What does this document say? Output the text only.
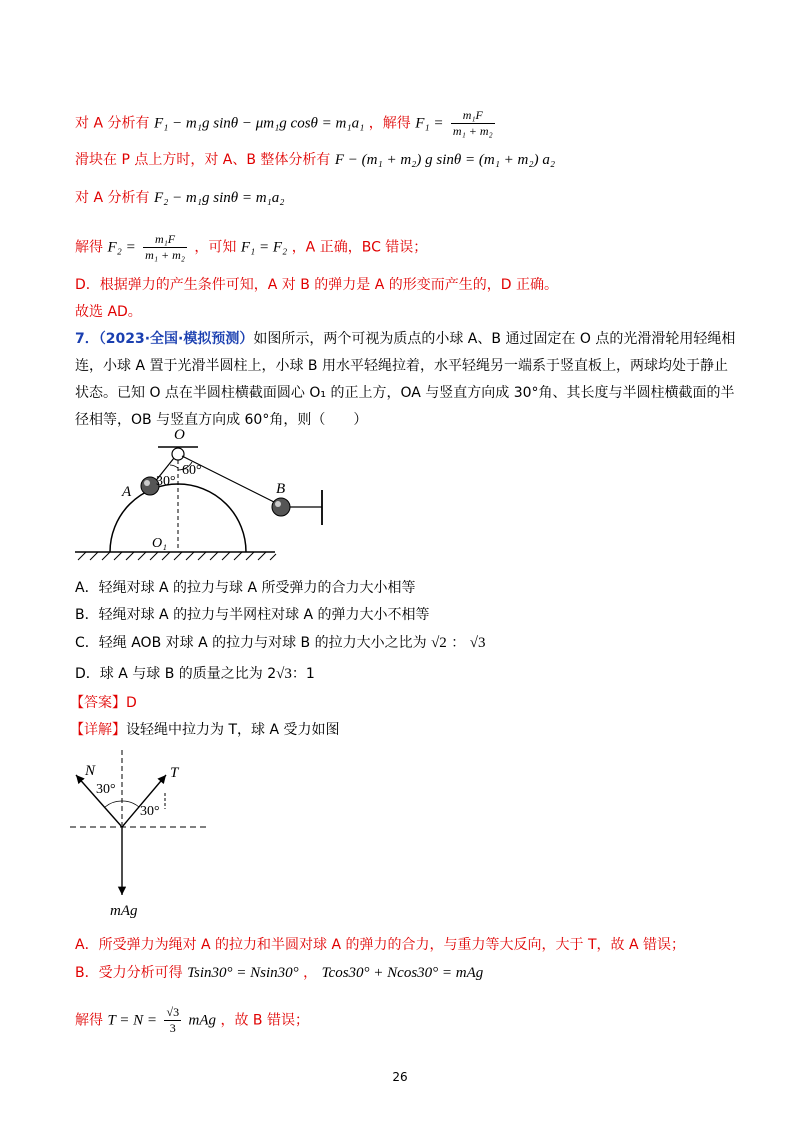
对 A 分析有 F₁ − m₁g sinθ − μm₁g cosθ = m₁a₁ ，解得 $F_1 = \frac{\text{m₁F}}{\text{m₁ + m₂}}$
滑块在 P 点上方时，对 A、B 整体分析有 F − (m₁ + m₂) g sinθ = (m₁ + m₂) a₂
对 A 分析有 F₂ − m₁g sinθ = m₁a₂
解得 $F_2 = \frac{\text{m₁F}}{\text{m₁ + m₂}}$ ，可知 F₁ = F₂ ，A 正确，BC 错误；
D．根据弹力的产生条件可知，A 对 B 的弹力是 A 的形变而产生的，D 正确。
故选 AD。
7．（2023·全国·模拟预测）如图所示，两个可视为质点的小球 A、B 通过固定在 O 点的光滑滑轮用轻绳相
连，小球 A 置于光滑半圆柱上，小球 B 用水平轻绳拉着，水平轻绳另一端系于竖直板上，两球均处于静止
状态。已知 O 点在半圆柱横截面圆心 O₁ 的正上方，OA 与竖直方向成 30°角、其长度与半圆柱横截面的半
径相等，OB 与竖直方向成 60°角，则（　　）
O
A	B
O₁
60°
30°
A．轻绳对球 A 的拉力与球 A 所受弹力的合力大小相等
B．轻绳对球 A 的拉力与半网柱对球 A 的弹力大小不相等
C．轻绳 AOB 对球 A 的拉力与对球 B 的拉力大小之比为 √2 ： √3
D．球 A 与球 B 的质量之比为 2√3：1
【答案】D
【详解】设轻绳中拉力为 T，球 A 受力如图
N	T
30°
30°
mAg
A．所受弹力为绳对 A 的拉力和半圆对球 A 的弹力的合力，与重力等大反向，大于 T，故 A 错误；
B．受力分析可得 Tsin30° = Nsin30° ， Tcos30° + Ncos30° = mAg
解得 $T = N = \frac{√3}{3}$ mAg ，故 B 错误；
26
